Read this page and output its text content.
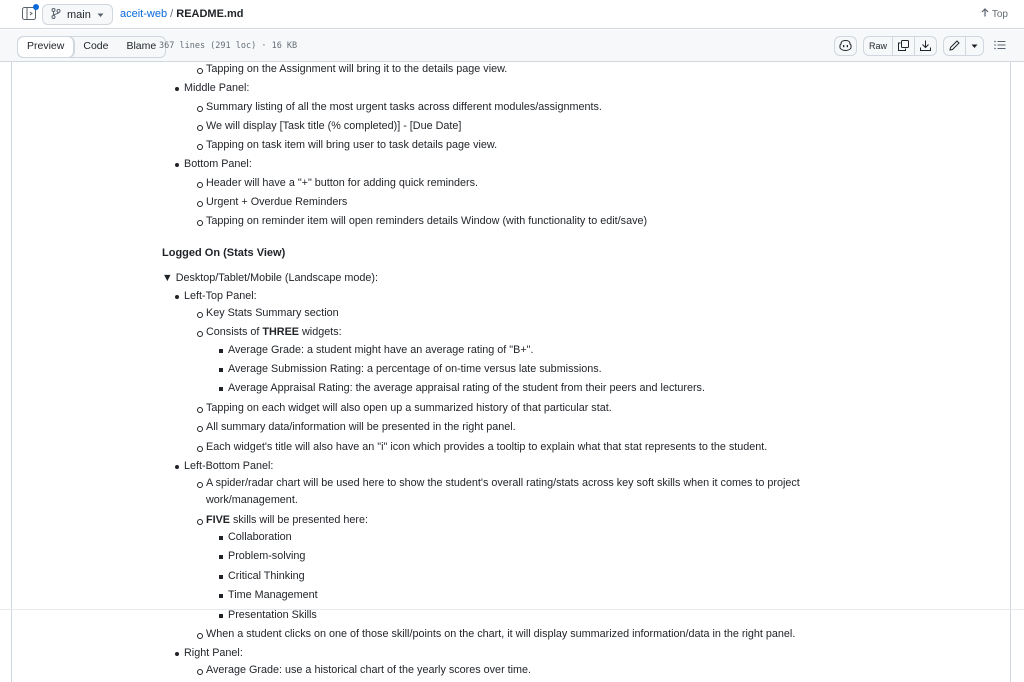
main	aceit-web / README.md	Top
Preview	Code	Blame 367 lines (291 loc) · 16 KB	Raw
Tapping on the Assignment will bring it to the details page view.
Middle Panel:
Summary listing of all the most urgent tasks across different modules/assignments.
We will display [Task title (% completed)] - [Due Date]
Tapping on task item will bring user to task details page view.
Bottom Panel:
Header will have a "+" button for adding quick reminders.
Urgent + Overdue Reminders
Tapping on reminder item will open reminders details Window (with functionality to edit/save)
Logged On (Stats View)
▼ Desktop/Tablet/Mobile (Landscape mode):
Left-Top Panel:
Key Stats Summary section
Consists of THREE widgets:
Average Grade: a student might have an average rating of "B+".
Average Submission Rating: a percentage of on-time versus late submissions.
Average Appraisal Rating: the average appraisal rating of the student from their peers and lecturers.
Tapping on each widget will also open up a summarized history of that particular stat.
All summary data/information will be presented in the right panel.
Each widget's title will also have an "i" icon which provides a tooltip to explain what that stat represents to the student.
Left-Bottom Panel:
A spider/radar chart will be used here to show the student's overall rating/stats across key soft skills when it comes to project
work/management.
FIVE skills will be presented here:
Collaboration
Problem-solving
Critical Thinking
Time Management
Presentation Skills
When a student clicks on one of those skill/points on the chart, it will display summarized information/data in the right panel.
Right Panel:
Average Grade: use a historical chart of the yearly scores over time.
